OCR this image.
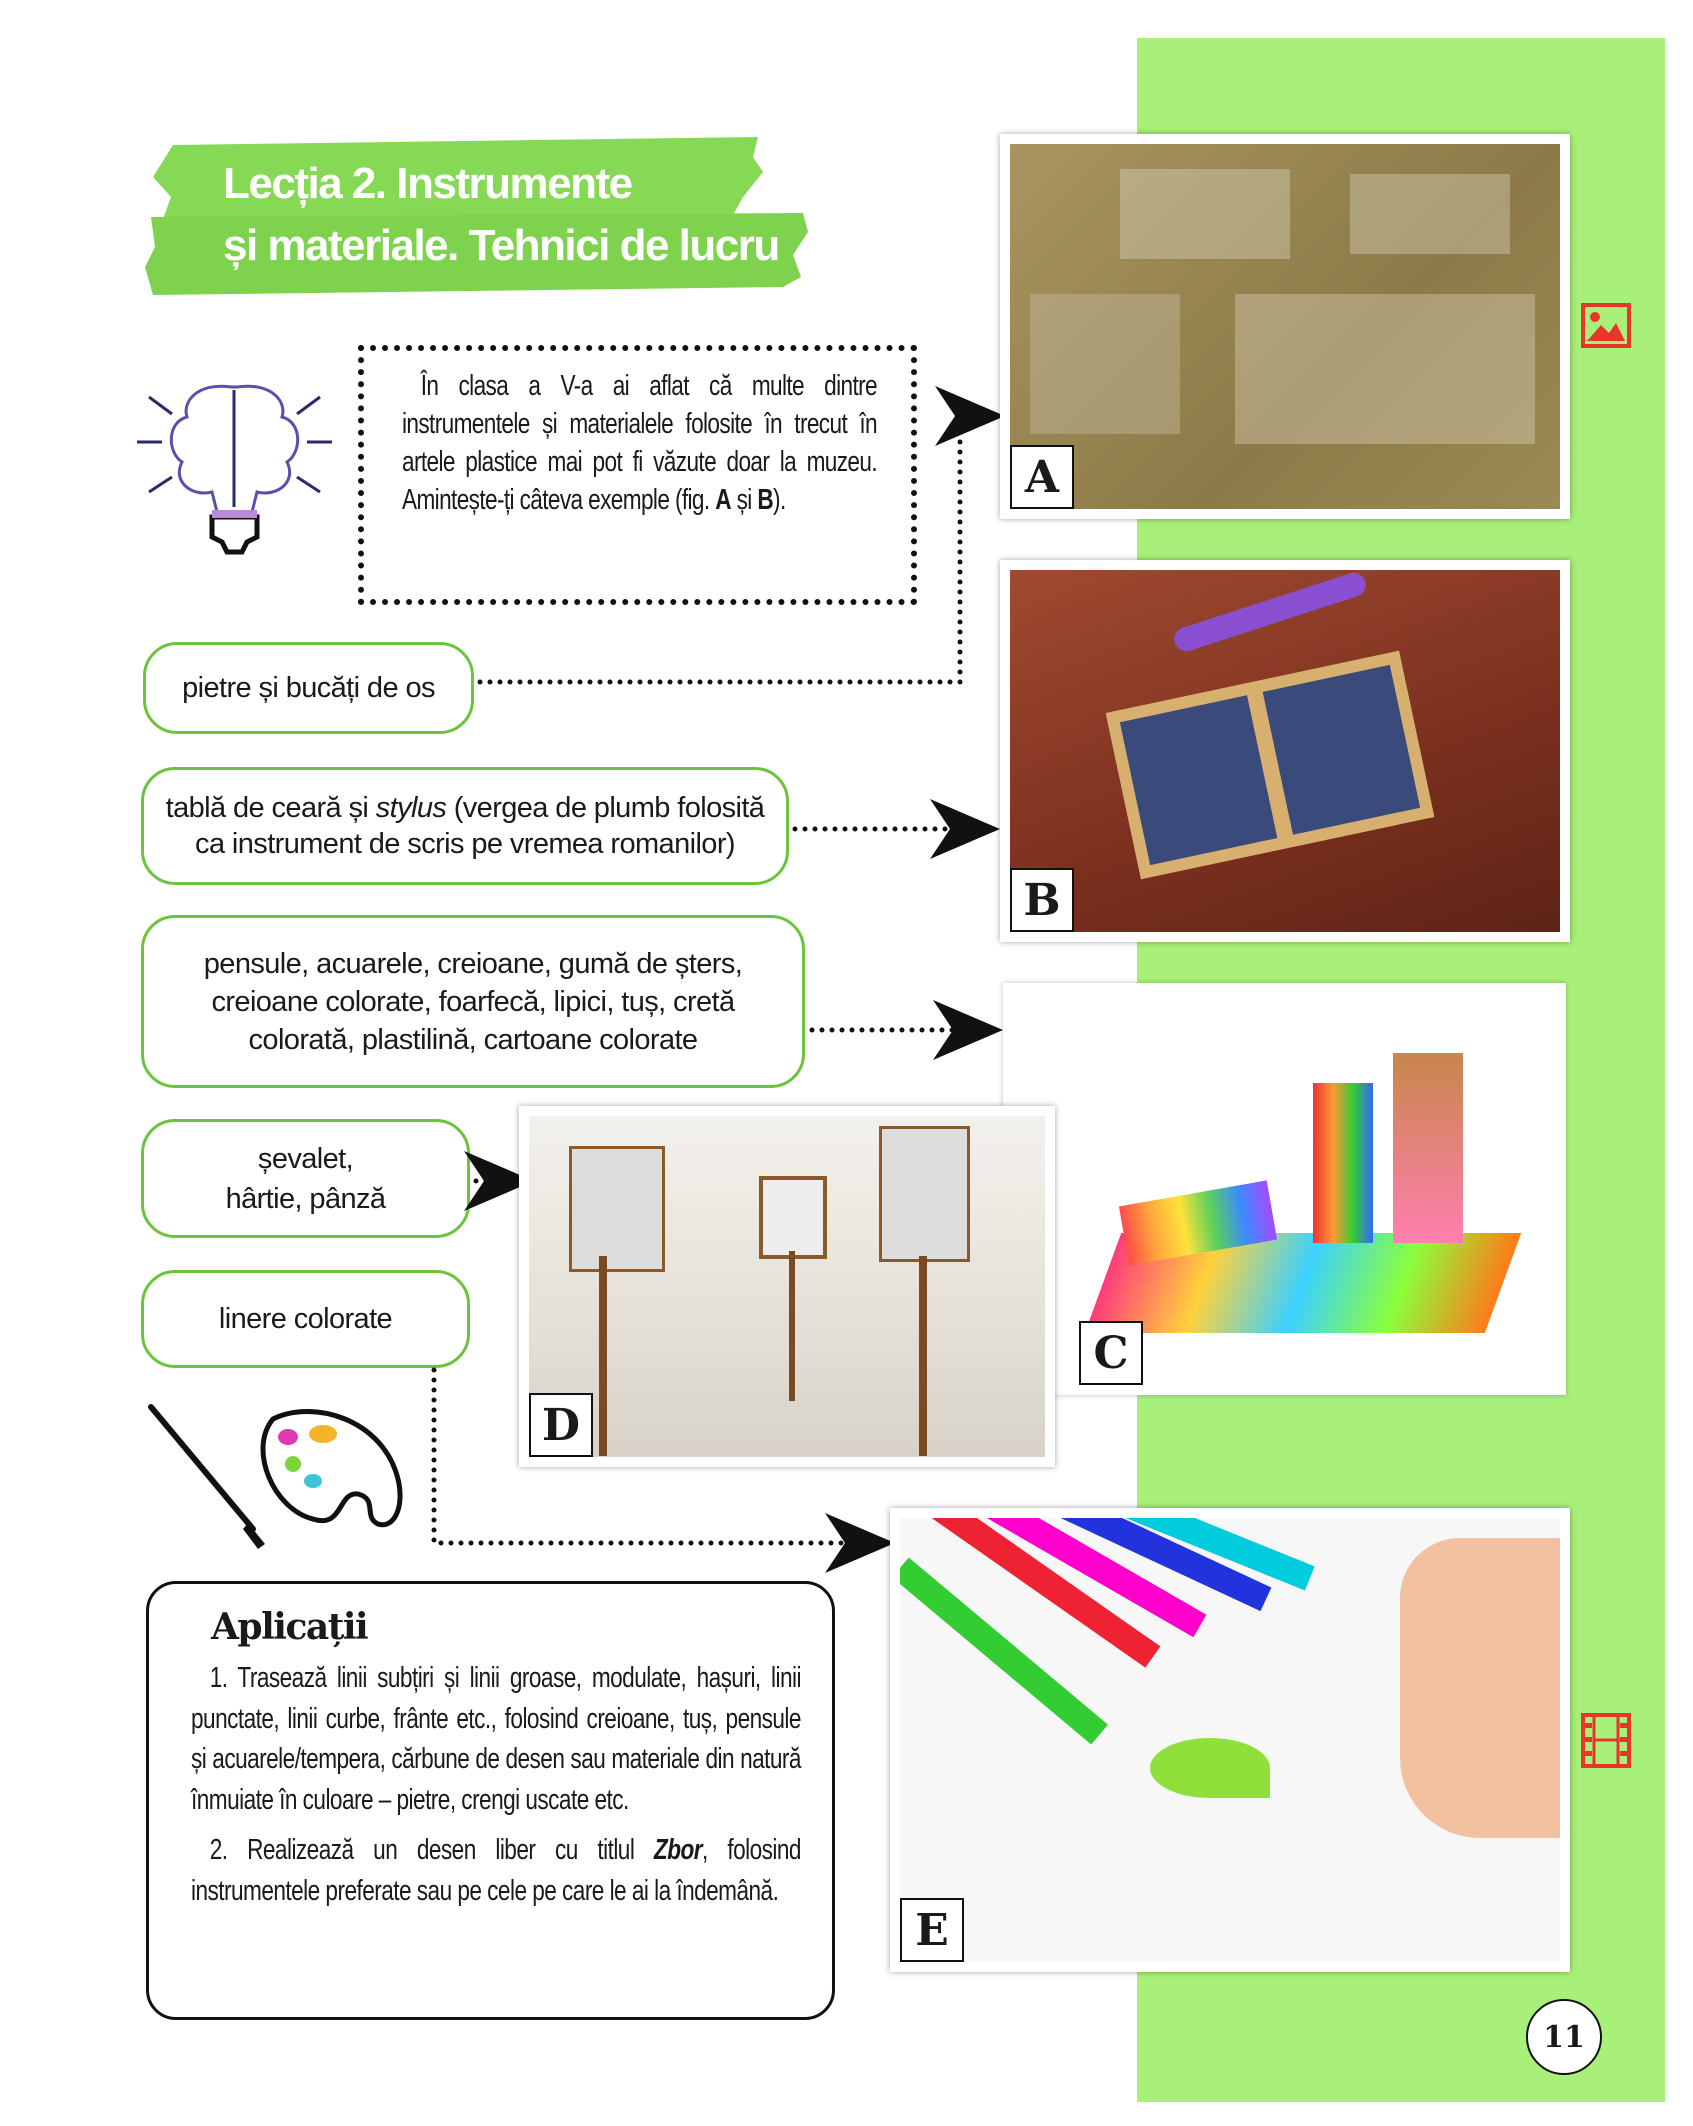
Lecția 2. Instrumente
și materiale. Tehnici de lucru

În clasa a V-a ai aflat că multe dintre instrumentele și materialele folosite în trecut în artele plastice mai pot fi văzute doar la muzeu. Amintește-ți câteva exemple (fig. A și B).

pietre și bucăți de os
tablă de ceară și stylus (vergea de plumb folosită ca instrument de scris pe vremea romanilor)
pensule, acuarele, creioane, gumă de șters, creioane colorate, foarfecă, lipici, tuș, cretă colorată, plastilină, cartoane colorate
șevalet,
hârtie, pânză
linere colorate
A
B
C
D
E
Aplicații

1. Trasează linii subțiri și linii groase, modulate, hașuri, linii punctate, linii curbe, frânte etc., folosind creioane, tuș, pensule și acuarele/tempera, cărbune de desen sau materiale din natură înmuiate în culoare – pietre, crengi uscate etc.

2. Realizează un desen liber cu titlul Zbor, folosind instrumentele preferate sau pe cele pe care le ai la îndemână.

11
